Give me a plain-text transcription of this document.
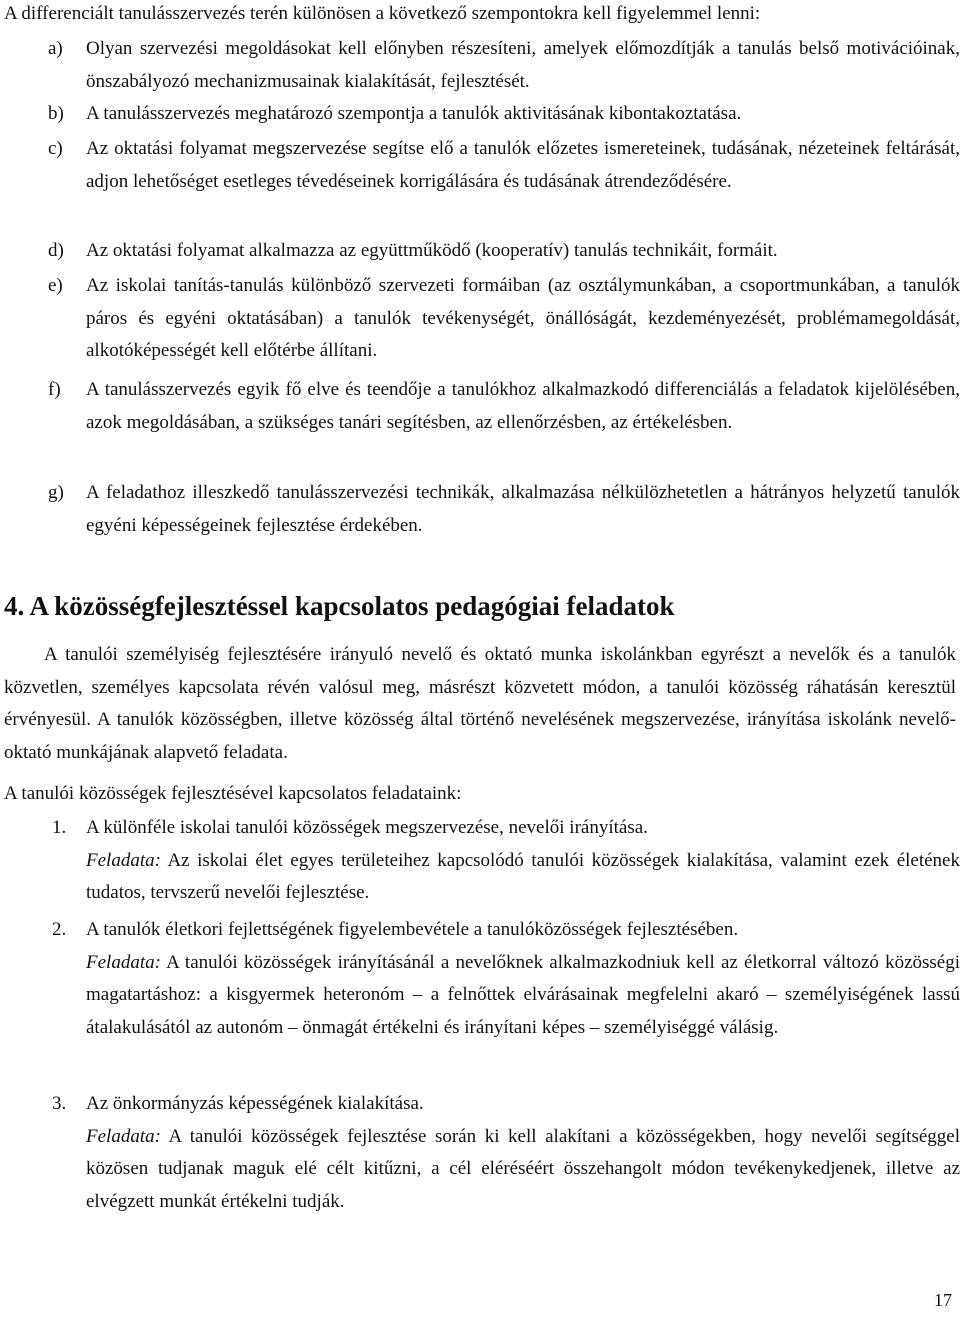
A differenciált tanulásszervezés terén különösen a következő szempontokra kell figyelemmel lenni:
a) Olyan szervezési megoldásokat kell előnyben részesíteni, amelyek előmozdítják a tanulás belső motivációinak, önszabályozó mechanizmusainak kialakítását, fejlesztését.
b) A tanulásszervezés meghatározó szempontja a tanulók aktivitásának kibontakoztatása.
c) Az oktatási folyamat megszervezése segítse elő a tanulók előzetes ismereteinek, tudásának, nézeteinek feltárását, adjon lehetőséget esetleges tévedéseinek korrigálására és tudásának átrendeződésére.
d) Az oktatási folyamat alkalmazza az együttműködő (kooperatív) tanulás technikáit, formáit.
e) Az iskolai tanítás-tanulás különböző szervezeti formáiban (az osztálymunkában, a csoportmunkában, a tanulók páros és egyéni oktatásában) a tanulók tevékenységét, önállóságát, kezdeményezését, problémamegoldását, alkotóképességét kell előtérbe állítani.
f) A tanulásszervezés egyik fő elve és teendője a tanulókhoz alkalmazkodó differenciálás a feladatok kijelölésében, azok megoldásában, a szükséges tanári segítésben, az ellenőrzésben, az értékelésben.
g) A feladathoz illeszkedő tanulásszervezési technikák, alkalmazása nélkülözhetetlen a hátrányos helyzetű tanulók egyéni képességeinek fejlesztése érdekében.
4. A közösségfejlesztéssel kapcsolatos pedagógiai feladatok
A tanulói személyiség fejlesztésére irányuló nevelő és oktató munka iskolánkban egyrészt a nevelők és a tanulók közvetlen, személyes kapcsolata révén valósul meg, másrészt közvetett módon, a tanulói közösség ráhatásán keresztül érvényesül. A tanulók közösségben, illetve közösség által történő nevelésének megszervezése, irányítása iskolánk nevelő-oktató munkájának alapvető feladata.
A tanulói közösségek fejlesztésével kapcsolatos feladataink:
1. A különféle iskolai tanulói közösségek megszervezése, nevelői irányítása.
Feladata: Az iskolai élet egyes területeihez kapcsolódó tanulói közösségek kialakítása, valamint ezek életének tudatos, tervszerű nevelői fejlesztése.
2. A tanulók életkori fejlettségének figyelembevétele a tanulóközösségek fejlesztésében.
Feladata: A tanulói közösségek irányításánál a nevelőknek alkalmazkodniuk kell az életkorral változó közösségi magatartáshoz: a kisgyermek heteronóm – a felnőttek elvárásainak megfelelni akaró – személyiségének lassú átalakulásától az autonóm – önmagát értékelni és irányítani képes – személyiséggé válásig.
3. Az önkormányzás képességének kialakítása.
Feladata: A tanulói közösségek fejlesztése során ki kell alakítani a közösségekben, hogy nevelői segítséggel közösen tudjanak maguk elé célt kitűzni, a cél eléréséért összehangolt módon tevékenykedjenek, illetve az elvégzett munkát értékelni tudják.
17
